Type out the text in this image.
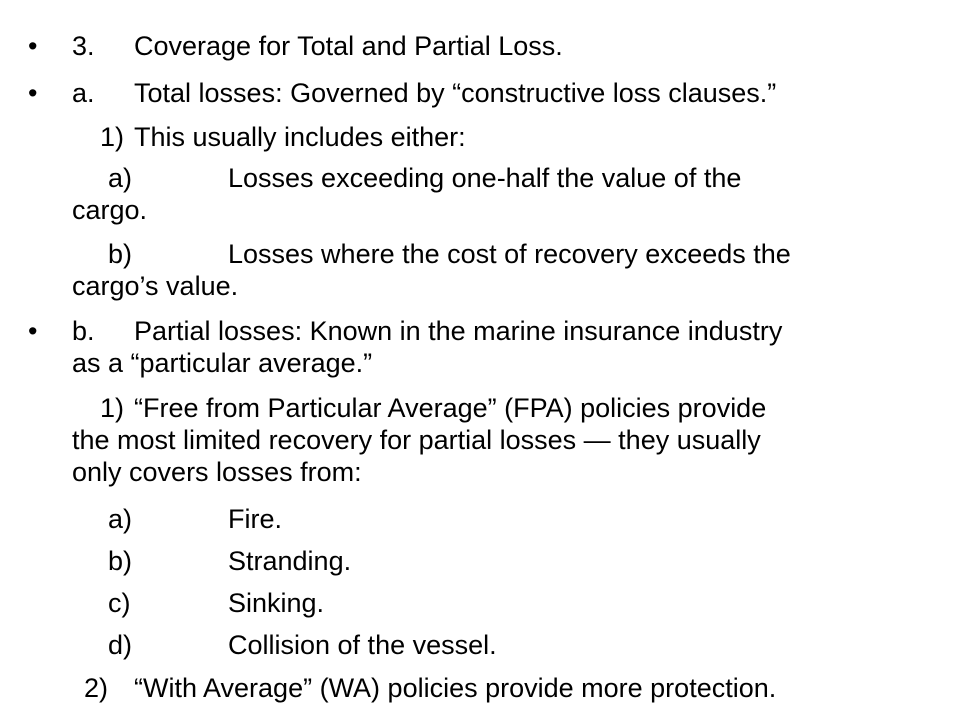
• 3. Coverage for Total and Partial Loss.
• a. Total losses: Governed by “constructive loss clauses.”
1) This usually includes either:
a)	Losses exceeding one-half the value of the
cargo.
b)	Losses where the cost of recovery exceeds the
cargo’s value.
• b. Partial losses: Known in the marine insurance industry
as a “particular average.”
1) “Free from Particular Average” (FPA) policies provide
the most limited recovery for partial losses — they usually
only covers losses from:
a)	Fire.
b)	Stranding.
c)	Sinking.
d)	Collision of the vessel.
2) “With Average” (WA) policies provide more protection.
